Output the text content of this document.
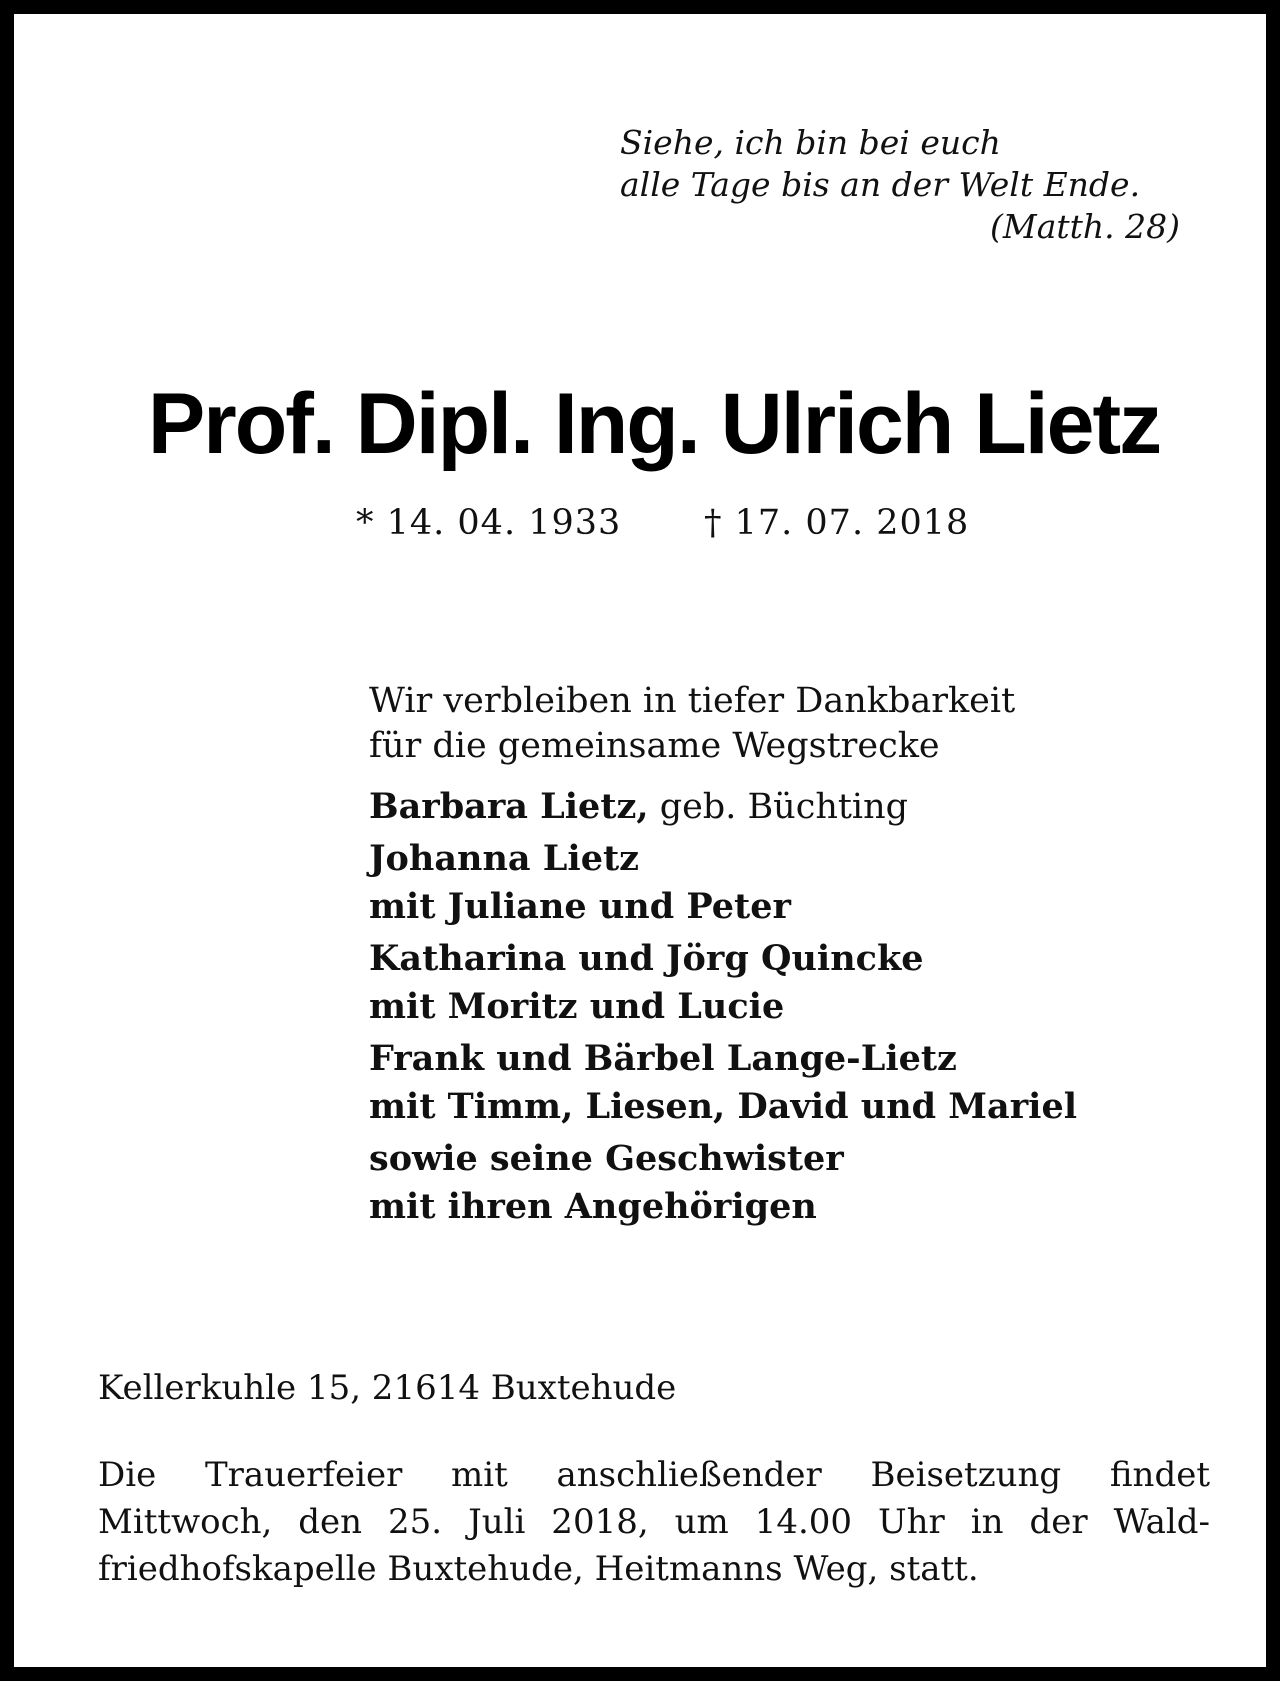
Siehe, ich bin bei euch
alle Tage bis an der Welt Ende.
(Matth. 28)
Prof. Dipl. Ing. Ulrich Lietz
* 14. 04. 1933 † 17. 07. 2018
Wir verbleiben in tiefer Dankbarkeit
für die gemeinsame Wegstrecke
Barbara Lietz, geb. Büchting
Johanna Lietz
mit Juliane und Peter
Katharina und Jörg Quincke
mit Moritz und Lucie
Frank und Bärbel Lange-Lietz
mit Timm, Liesen, David und Mariel
sowie seine Geschwister
mit ihren Angehörigen
Kellerkuhle 15, 21614 Buxtehude
Die Trauerfeier mit anschließender Beisetzung findet
Mittwoch, den 25. Juli 2018, um 14.00 Uhr in der Wald-
friedhofskapelle Buxtehude, Heitmanns Weg, statt.
